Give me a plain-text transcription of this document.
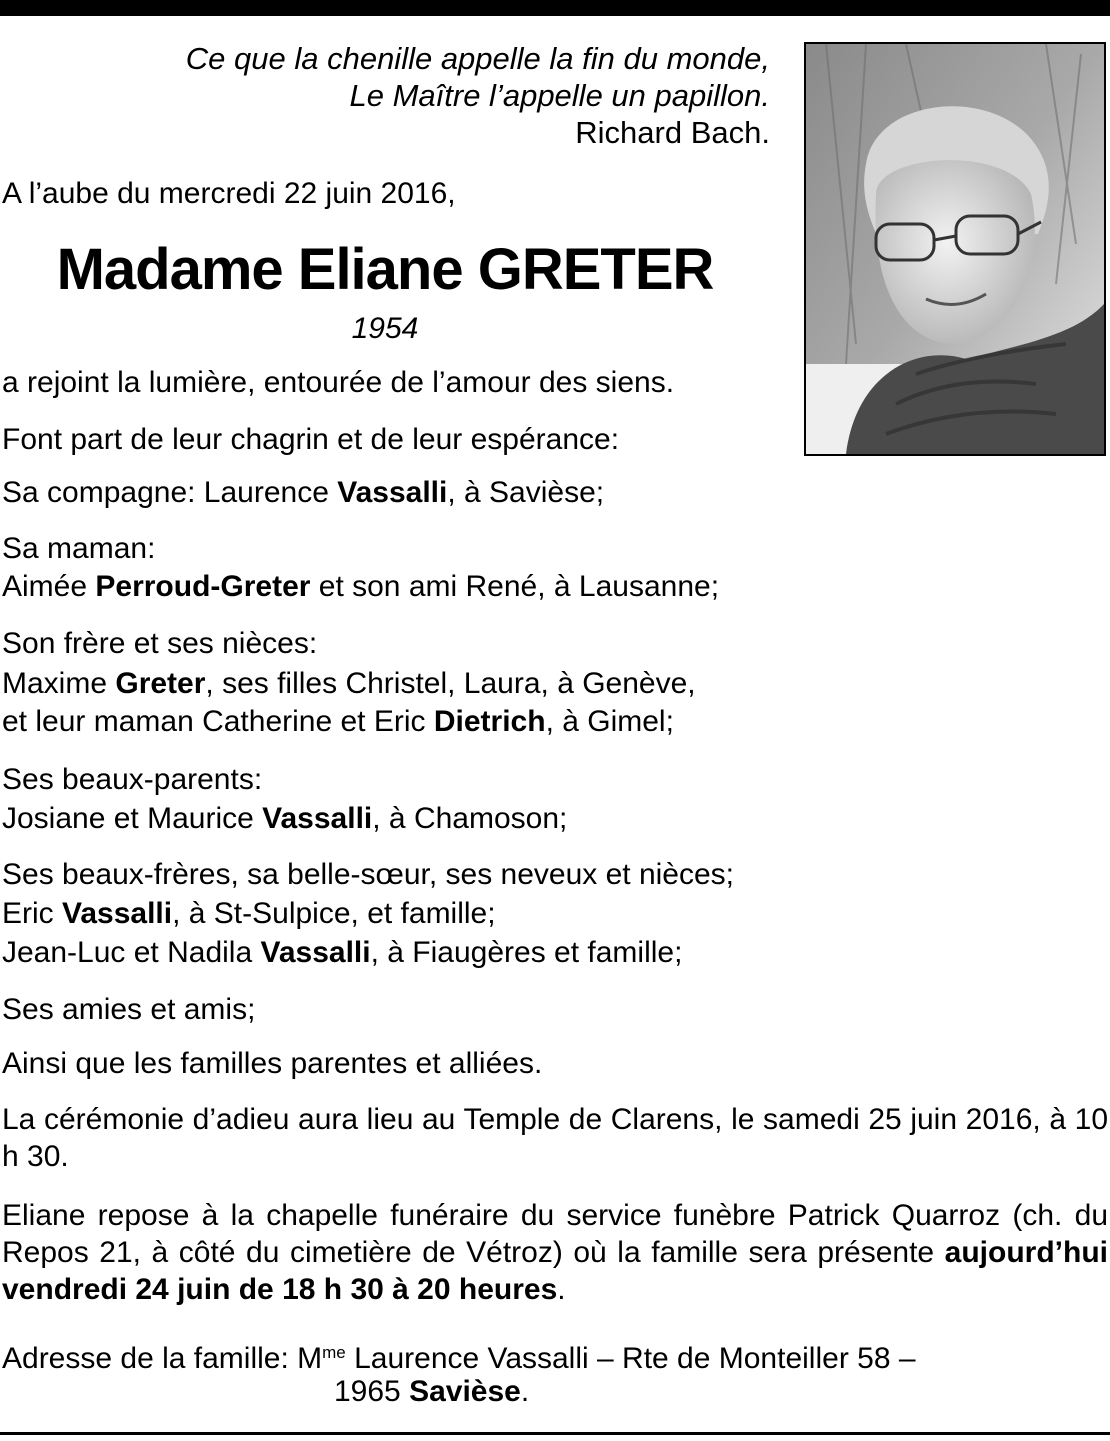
Ce que la chenille appelle la fin du monde,
Le Maître l’appelle un papillon.
Richard Bach.
A l’aube du mercredi 22 juin 2016,
Madame Eliane GRETER
1954
a rejoint la lumière, entourée de l’amour des siens.
Font part de leur chagrin et de leur espérance:
Sa compagne: Laurence Vassalli, à Savièse;
Sa maman:
Aimée Perroud-Greter et son ami René, à Lausanne;
Son frère et ses nièces:
Maxime Greter, ses filles Christel, Laura, à Genève,
et leur maman Catherine et Eric Dietrich, à Gimel;
Ses beaux-parents:
Josiane et Maurice Vassalli, à Chamoson;
Ses beaux-frères, sa belle-sœur, ses neveux et nièces;
Eric Vassalli, à St-Sulpice, et famille;
Jean-Luc et Nadila Vassalli, à Fiaugères et famille;
Ses amies et amis;
Ainsi que les familles parentes et alliées.
La cérémonie d’adieu aura lieu au Temple de Clarens, le samedi 25 juin 2016, à 10 h 30.
Eliane repose à la chapelle funéraire du service funèbre Patrick Quarroz (ch. du Repos 21, à côté du cimetière de Vétroz) où la famille sera présente aujourd’hui vendredi 24 juin de 18 h 30 à 20 heures.
Adresse de la famille: $M^{me}$ Laurence Vassalli – Rte de Monteiller 58 –
1965 Savièse.
